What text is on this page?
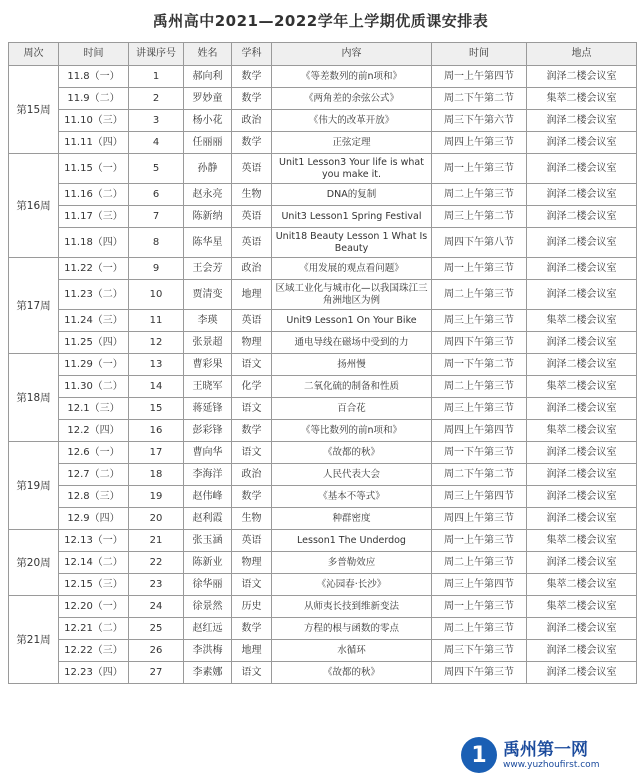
禹州高中2021—2022学年上学期优质课安排表
周次	时间	讲课序号	姓名	学科	内容	时间	地点
第15周	11.8（一）	1	郝向利	数学	《等差数列的前n项和》	周一上午第四节	润泽二楼会议室
	11.9（二）	2	罗妙童	数学	《两角差的余弦公式》	周二下午第二节	集萃二楼会议室
	11.10（三）	3	杨小花	政治	《伟大的改革开放》	周三下午第六节	润泽二楼会议室
	11.11（四）	4	任丽丽	数学	正弦定理	周四上午第三节	润泽二楼会议室
第16周	11.15（一）	5	孙静	英语	Unit1 Lesson3 Your life is what you make it.	周一上午第三节	润泽二楼会议室
	11.16（二）	6	赵永亮	生物	DNA的复制	周二上午第三节	润泽二楼会议室
	11.17（三）	7	陈新纳	英语	Unit3 Lesson1 Spring Festival	周三上午第二节	润泽二楼会议室
	11.18（四）	8	陈华星	英语	Unit18 Beauty Lesson 1 What Is Beauty	周四下午第八节	润泽二楼会议室
第17周	11.22（一）	9	王会芳	政治	《用发展的观点看问题》	周一上午第三节	润泽二楼会议室
	11.23（二）	10	贾清变	地理	区域工业化与城市化—以我国珠江三角洲地区为例	周二上午第三节	润泽二楼会议室
	11.24（三）	11	李瑛	英语	Unit9 Lesson1 On Your Bike	周三上午第三节	集萃二楼会议室
	11.25（四）	12	张景超	物理	通电导线在磁场中受到的力	周四下午第三节	润泽二楼会议室
第18周	11.29（一）	13	曹彩果	语文	扬州慢	周一下午第二节	润泽二楼会议室
	11.30（二）	14	王晓军	化学	二氧化硫的制备和性质	周二上午第三节	集萃二楼会议室
	12.1（三）	15	蒋延锋	语文	百合花	周三上午第三节	润泽二楼会议室
	12.2（四）	16	彭彩锋	数学	《等比数列的前n项和》	周四上午第四节	集萃二楼会议室
第19周	12.6（一）	17	曹向华	语文	《故都的秋》	周一下午第三节	润泽二楼会议室
	12.7（二）	18	李海洋	政治	人民代表大会	周二下午第二节	润泽二楼会议室
	12.8（三）	19	赵伟峰	数学	《基本不等式》	周三上午第四节	润泽二楼会议室
	12.9（四）	20	赵利霞	生物	种群密度	周四上午第三节	润泽二楼会议室
第20周	12.13（一）	21	张玉涵	英语	Lesson1 The Underdog	周一上午第三节	集萃二楼会议室
	12.14（二）	22	陈新业	物理	多普勒效应	周二上午第三节	润泽二楼会议室
	12.15（三）	23	徐华丽	语文	《沁园春·长沙》	周三上午第四节	集萃二楼会议室
第21周	12.20（一）	24	徐景然	历史	从师夷长技到维新变法	周一上午第三节	集萃二楼会议室
	12.21（二）	25	赵红远	数学	方程的根与函数的零点	周二上午第三节	润泽二楼会议室
	12.22（三）	26	李洪梅	地理	水循环	周三下午第三节	润泽二楼会议室
	12.23（四）	27	李素娜	语文	《故都的秋》	周四下午第三节	润泽二楼会议室
1 禹州第一网
www.yuzhoufirst.com
